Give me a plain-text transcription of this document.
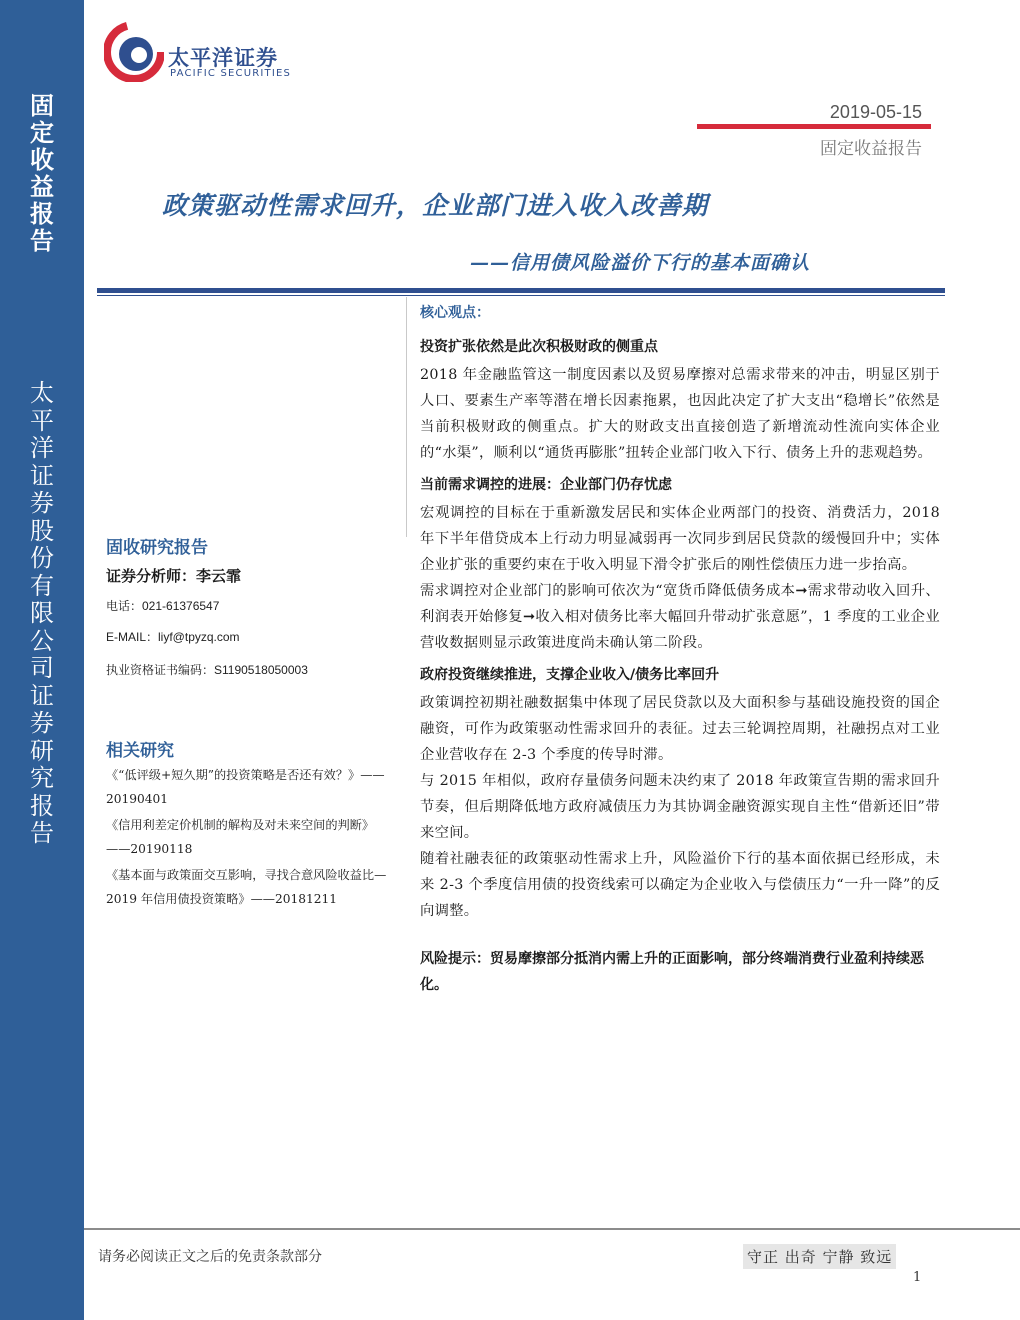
固
定
收
益
报
告
太
平
洋
证
券
股
份
有
限
公
司
证
券
研
究
报
告
太平洋证券
PACIFIC SECURITIES
2019-05-15
固定收益报告
政策驱动性需求回升，企业部门进入收入改善期
——信用债风险溢价下行的基本面确认
固收研究报告
证券分析师：李云霏
电话：021-61376547
E-MAIL：liyf@tpyzq.com
执业资格证书编码：S1190518050003
相关研究
《“低评级+短久期”的投资策略是否还有效？》——20190401
《信用利差定价机制的解构及对未来空间的判断》——20190118
《基本面与政策面交互影响，寻找合意风险收益比—2019 年信用债投资策略》——20181211
核心观点：
投资扩张依然是此次积极财政的侧重点
2018 年金融监管这一制度因素以及贸易摩擦对总需求带来的冲击，明显区别于人口、要素生产率等潜在增长因素拖累，也因此决定了扩大支出“稳增长”依然是当前积极财政的侧重点。扩大的财政支出直接创造了新增流动性流向实体企业的“水渠”，顺利以“通货再膨胀”扭转企业部门收入下行、债务上升的悲观趋势。
当前需求调控的进展：企业部门仍存忧虑
宏观调控的目标在于重新激发居民和实体企业两部门的投资、消费活力，2018 年下半年借贷成本上行动力明显减弱再一次同步到居民贷款的缓慢回升中；实体企业扩张的重要约束在于收入明显下滑令扩张后的刚性偿债压力进一步抬高。
需求调控对企业部门的影响可依次为“宽货币降低债务成本➞需求带动收入回升、利润表开始修复➞收入相对债务比率大幅回升带动扩张意愿”，1 季度的工业企业营收数据则显示政策进度尚未确认第二阶段。
政府投资继续推进，支撑企业收入/债务比率回升
政策调控初期社融数据集中体现了居民贷款以及大面积参与基础设施投资的国企融资，可作为政策驱动性需求回升的表征。过去三轮调控周期，社融拐点对工业企业营收存在 2-3 个季度的传导时滞。
与 2015 年相似，政府存量债务问题未决约束了 2018 年政策宣告期的需求回升节奏，但后期降低地方政府减债压力为其协调金融资源实现自主性“借新还旧”带来空间。
随着社融表征的政策驱动性需求上升，风险溢价下行的基本面依据已经形成，未来 2-3 个季度信用债的投资线索可以确定为企业收入与偿债压力“一升一降”的反向调整。
风险提示：贸易摩擦部分抵消内需上升的正面影响，部分终端消费行业盈利持续恶化。
请务必阅读正文之后的免责条款部分	守正 出奇 宁静 致远
1
